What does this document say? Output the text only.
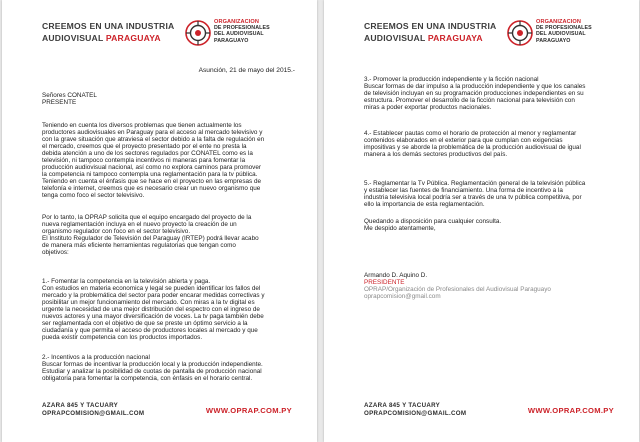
CREEMOS EN UNA INDUSTRIA
AUDIOVISUAL PARAGUAYA
ORGANIZACION
DE PROFESIONALES
DEL AUDIOVISUAL
PARAGUAYO
Asunción, 21 de mayo del 2015.-

Señores CONATEL

PRESENTE

Teniendo en cuenta los diversos problemas que tienen actualmente los
productores audiovisuales en Paraguay para el acceso al mercado televisivo y
con la grave situación que atraviesa el sector debido a la falta de regulación en
el mercado, creemos que el proyecto presentado por el ente no presta la
debida atención a uno de los sectores regulados por CONATEL como es la
televisión, ni tampoco contempla incentivos ni maneras para fomentar la
producción audiovisual nacional, así como no explora caminos para promover
la competencia ni tampoco contempla una reglamentación para la tv pública.
Teniendo en cuenta el énfasis que se hace en el proyecto en las empresas de
telefonía e internet, creemos que es necesario crear un nuevo organismo que
tenga como foco el sector televisivo.

Por lo tanto, la OPRAP solicita que el equipo encargado del proyecto de la
nueva reglamentación incluya en el nuevo proyecto la creación de un
organismo regulador con foco en el sector televisivo.
El Instituto Regulador de Televisión del Paraguay (IRTEP) podrá llevar acabo
de manera más eficiente herramientas regulatorias que tengan como
objetivos:

1.- Fomentar la competencia en la televisión abierta y paga.
Con estudios en materia economica y legal se pueden identificar los fallos del
mercado y la problemática del sector para poder encarar medidas correctivas y
posibilitar un mejor funcionamiento del mercado. Con miras a la tv digital es
urgente la necesidad de una mejor distribución del espectro con el ingreso de
nuevos actores y una mayor diversificación de voces. La tv paga también debe
ser reglamentada con el objetivo de que se preste un óptimo servicio a la
ciudadanía y que permita el acceso de productores locales al mercado y que
pueda existir competencia con los productos importados.

2.- Incentivos a la producción nacional
Buscar formas de incentivar la producción local y la producción independiente.
Estudiar y analizar la posibilidad de cuotas de pantalla de producción nacional
obligatoria para fomentar la competencia, con énfasis en el horario central.

AZARA 845 Y TACUARY
OPRAPCOMISION@GMAIL.COM	WWW.OPRAP.COM.PY
CREEMOS EN UNA INDUSTRIA
AUDIOVISUAL PARAGUAYA
ORGANIZACION
DE PROFESIONALES
DEL AUDIOVISUAL
PARAGUAYO

3.- Promover la producción independiente y la ficción nacional
Buscar formas de dar impulso a la producción independiente y que los canales
de televisión incluyan en su programación producciones independientes en su
estructura. Promover el desarrollo de la ficción nacional para televisión con
miras a poder exportar productos nacionales.

4.- Establecer pautas como el horario de protección al menor y reglamentar
contenidos elaborados en el exterior para que cumplan con exigencias
impositivas y se aborde la problemática de la producción audiovisual de igual
manera a los demás sectores productivos del país.

5.- Reglamentar la Tv Pública. Reglamentación general de la televisión pública
y establecer las fuentes de financiamiento. Una forma de incentivo a la
industria televisiva local podría ser a través de una tv pública competitiva, por
ello la importancia de esta reglamentación.

Quedando a disposición para cualquier consulta.

Me despido atentamente,

Armando D. Aquino D.

PRESIDENTE

OPRAP/Organización de Profesionales del Audiovisual Paraguayo

oprapcomision@gmail.com

AZARA 845 Y TACUARY
OPRAPCOMISION@GMAIL.COM	WWW.OPRAP.COM.PY
